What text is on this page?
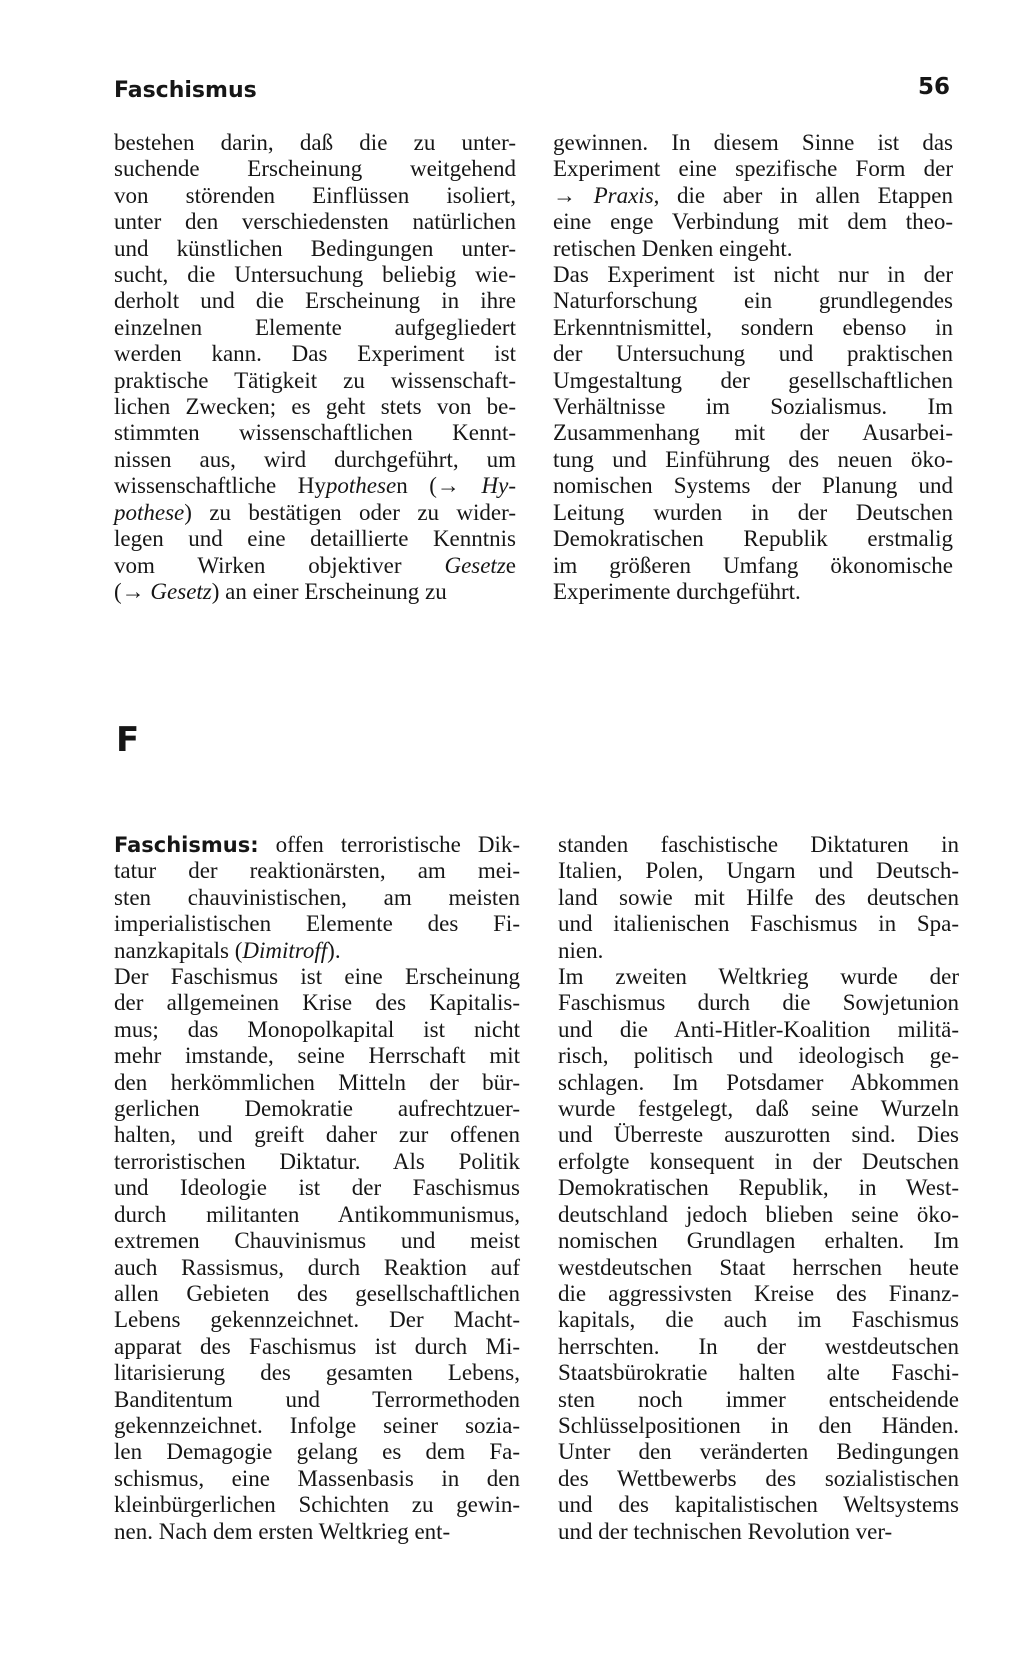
Faschismus	56

bestehen darin, daß die zu unter-
suchende Erscheinung weitgehend
von störenden Einflüssen isoliert,
unter den verschiedensten natürlichen
und künstlichen Bedingungen unter-
sucht, die Untersuchung beliebig wie-
derholt und die Erscheinung in ihre
einzelnen Elemente aufgegliedert
werden kann. Das Experiment ist
praktische Tätigkeit zu wissenschaft-
lichen Zwecken; es geht stets von be-
stimmten wissenschaftlichen Kennt-
nissen aus, wird durchgeführt, um
wissenschaftliche Hypothesen (→ Hy-
pothese) zu bestätigen oder zu wider-
legen und eine detaillierte Kenntnis
vom Wirken objektiver Gesetze
(→ Gesetz) an einer Erscheinung zu

gewinnen. In diesem Sinne ist das
Experiment eine spezifische Form der
→ Praxis, die aber in allen Etappen
eine enge Verbindung mit dem theo-
retischen Denken eingeht.

Das Experiment ist nicht nur in der
Naturforschung ein grundlegendes
Erkenntnismittel, sondern ebenso in
der Untersuchung und praktischen
Umgestaltung der gesellschaftlichen
Verhältnisse im Sozialismus. Im
Zusammenhang mit der Ausarbei-
tung und Einführung des neuen öko-
nomischen Systems der Planung und
Leitung wurden in der Deutschen
Demokratischen Republik erstmalig
im größeren Umfang ökonomische
Experimente durchgeführt.

F

Faschismus: offen terroristische Dik-
tatur der reaktionärsten, am mei-
sten chauvinistischen, am meisten
imperialistischen Elemente des Fi-
nanzkapitals (Dimitroff).

Der Faschismus ist eine Erscheinung
der allgemeinen Krise des Kapitalis-
mus; das Monopolkapital ist nicht
mehr imstande, seine Herrschaft mit
den herkömmlichen Mitteln der bür-
gerlichen Demokratie aufrechtzuer-
halten, und greift daher zur offenen
terroristischen Diktatur. Als Politik
und Ideologie ist der Faschismus
durch militanten Antikommunismus,
extremen Chauvinismus und meist
auch Rassismus, durch Reaktion auf
allen Gebieten des gesellschaftlichen
Lebens gekennzeichnet. Der Macht-
apparat des Faschismus ist durch Mi-
litarisierung des gesamten Lebens,
Banditentum und Terrormethoden
gekennzeichnet. Infolge seiner sozia-
len Demagogie gelang es dem Fa-
schismus, eine Massenbasis in den
kleinbürgerlichen Schichten zu gewin-
nen. Nach dem ersten Weltkrieg ent-

standen faschistische Diktaturen in
Italien, Polen, Ungarn und Deutsch-
land sowie mit Hilfe des deutschen
und italienischen Faschismus in Spa-
nien.

Im zweiten Weltkrieg wurde der
Faschismus durch die Sowjetunion
und die Anti-Hitler-Koalition militä-
risch, politisch und ideologisch ge-
schlagen. Im Potsdamer Abkommen
wurde festgelegt, daß seine Wurzeln
und Überreste auszurotten sind. Dies
erfolgte konsequent in der Deutschen
Demokratischen Republik, in West-
deutschland jedoch blieben seine öko-
nomischen Grundlagen erhalten. Im
westdeutschen Staat herrschen heute
die aggressivsten Kreise des Finanz-
kapitals, die auch im Faschismus
herrschten. In der westdeutschen
Staatsbürokratie halten alte Faschi-
sten noch immer entscheidende
Schlüsselpositionen in den Händen.
Unter den veränderten Bedingungen
des Wettbewerbs des sozialistischen
und des kapitalistischen Weltsystems
und der technischen Revolution ver-
